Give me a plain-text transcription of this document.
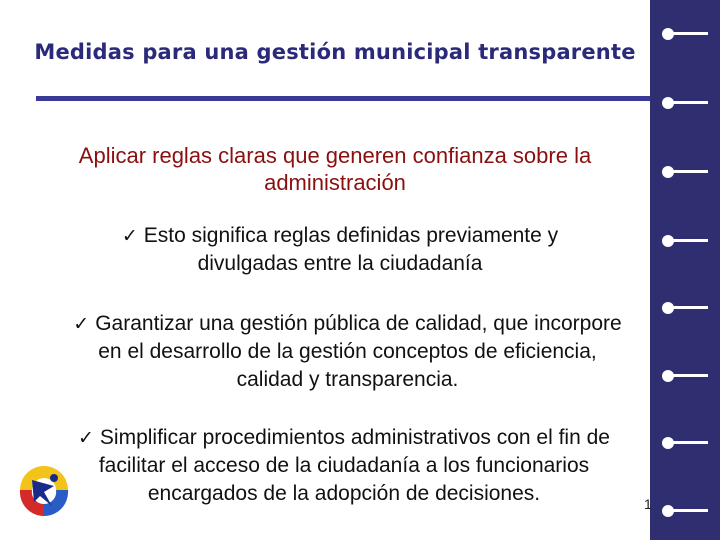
Medidas para una gestión municipal transparente
Aplicar reglas claras que generen confianza sobre la administración
✓ Esto significa reglas definidas previamente y divulgadas entre la ciudadanía
✓ Garantizar una gestión pública de calidad, que incorpore en el desarrollo de la gestión conceptos de eficiencia, calidad y transparencia.
✓ Simplificar procedimientos administrativos con el fin de facilitar el acceso de la ciudadanía a los funcionarios encargados de la adopción de decisiones.	1
